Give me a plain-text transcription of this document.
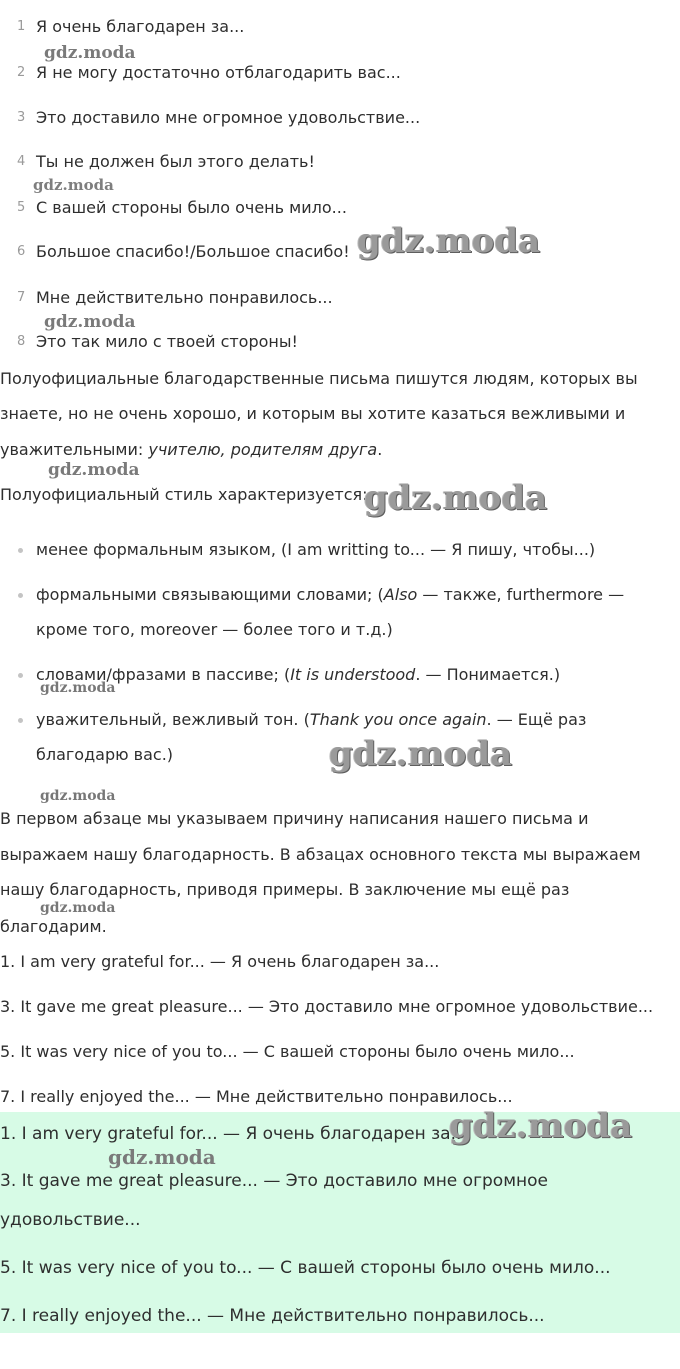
1 Я очень благодарен за...
2 Я не могу достаточно отблагодарить вас...
3 Это доставило мне огромное удовольствие...
4 Ты не должен был этого делать!
5 С вашей стороны было очень мило...
6 Большое спасибо!/Большое спасибо!
7 Мне действительно понравилось...
8 Это так мило с твоей стороны!
Полуофициальные благодарственные письма пишутся людям, которых вы
знаете, но не очень хорошо, и которым вы хотите казаться вежливыми и
уважительными: учителю, родителям друга.
Полуофициальный стиль характеризуется:
менее формальным языком, (I am writting to... — Я пишу, чтобы...)
формальными связывающими словами; (Also — также, furthermore —
кроме того, moreover — более того и т.д.)
словами/фразами в пассиве; (It is understood. — Понимается.)
уважительный, вежливый тон. (Thank you once again. — Ещё раз
благодарю вас.)
В первом абзаце мы указываем причину написания нашего письма и
выражаем нашу благодарность. В абзацах основного текста мы выражаем
нашу благодарность, приводя примеры. В заключение мы ещё раз
благодарим.
1. I am very grateful for... — Я очень благодарен за...
3. It gave me great pleasure... — Это доставило мне огромное удовольствие...
5. It was very nice of you to... — С вашей стороны было очень мило...
7. I really enjoyed the... — Мне действительно понравилось...
1. I am very grateful for... — Я очень благодарен за...
3. It gave me great pleasure... — Это доставило мне огромное
удовольствие...
5. It was very nice of you to... — С вашей стороны было очень мило...
7. I really enjoyed the... — Мне действительно понравилось...
gdz.moda
gdz.moda
gdz.moda
gdz.moda
gdz.moda
gdz.moda
gdz.moda
gdz.moda
gdz.moda
gdz.moda
gdz.moda
gdz.moda
